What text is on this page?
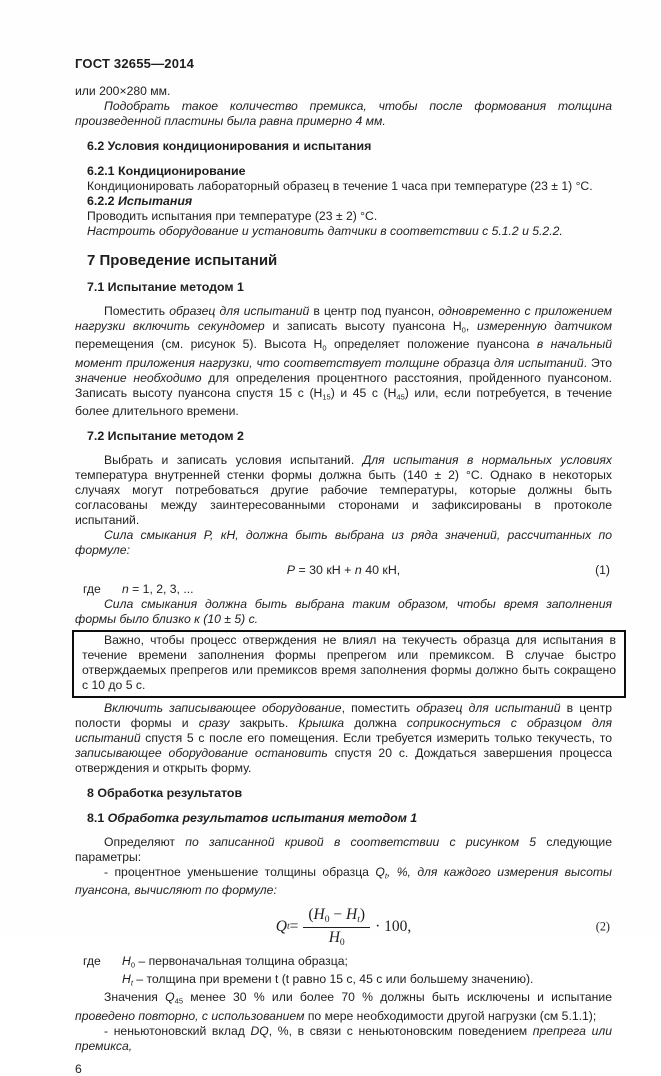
ГОСТ 32655—2014
или 200×280 мм.
Подобрать такое количество премикса, чтобы после формования толщина произведенной пластины была равна примерно 4 мм.
6.2 Условия кондиционирования и испытания
6.2.1 Кондиционирование
Кондиционировать лабораторный образец в течение 1 часа при температуре (23 ± 1) °С.
6.2.2 Испытания
Проводить испытания при температуре (23 ± 2) °С.
Настроить оборудование и установить датчики в соответствии с 5.1.2 и 5.2.2.
7 Проведение испытаний
7.1 Испытание методом 1
Поместить образец для испытаний в центр под пуансон, одновременно с приложением нагрузки включить секундомер и записать высоту пуансона Н0, измеренную датчиком перемещения (см. рисунок 5). Высота Н0 определяет положение пуансона в начальный момент приложения нагрузки, что соответствует толщине образца для испытаний. Это значение необходимо для определения процентного расстояния, пройденного пуансоном. Записать высоту пуансона спустя 15 с (Н15) и 45 с (Н45) или, если потребуется, в течение более длительного времени.
7.2 Испытание методом 2
Выбрать и записать условия испытаний. Для испытания в нормальных условиях температура внутренней стенки формы должна быть (140 ± 2) °С. Однако в некоторых случаях могут потребоваться другие рабочие температуры, которые должны быть согласованы между заинтересованными сторонами и зафиксированы в протоколе испытаний.
Сила смыкания Р, кН, должна быть выбрана из ряда значений, рассчитанных по формуле:
Р = 30 кН + n 40 кН,	(1)
где	n = 1, 2, 3, ...
Сила смыкания должна быть выбрана таким образом, чтобы время заполнения формы было близко к (10 ± 5) с.
Важно, чтобы процесс отверждения не влиял на текучесть образца для испытания в течение времени заполнения формы препрегом или премиксом. В случае быстро отверждаемых препрегов или премиксов время заполнения формы должно быть сокращено с 10 до 5 с.
Включить записывающее оборудование, поместить образец для испытаний в центр полости формы и сразу закрыть. Крышка должна соприкоснуться с образцом для испытаний спустя 5 с после его помещения. Если требуется измерить только текучесть, то записывающее оборудование остановить спустя 20 с. Дождаться завершения процесса отверждения и открыть форму.
8 Обработка результатов
8.1 Обработка результатов испытания методом 1
Определяют по записанной кривой в соответствии с рисунком 5 следующие параметры:
- процентное уменьшение толщины образца Qt, %, для каждого измерения высоты пуансона, вычисляют по формуле:
Q $t = \frac{(Н0 - Нt)}{Н0} \cdot 100$,	(2)
где	Н0 – первоначальная толщина образца;
Нt – толщина при времени t (t равно 15 с, 45 с или большему значению).
Значения Q45 менее 30 % или более 70 % должны быть исключены и испытание проведено повторно, с использованием по мере необходимости другой нагрузки (см 5.1.1);
- неньютоновский вклад DQ, %, в связи с неньютоновским поведением препрега или премикса,
6
